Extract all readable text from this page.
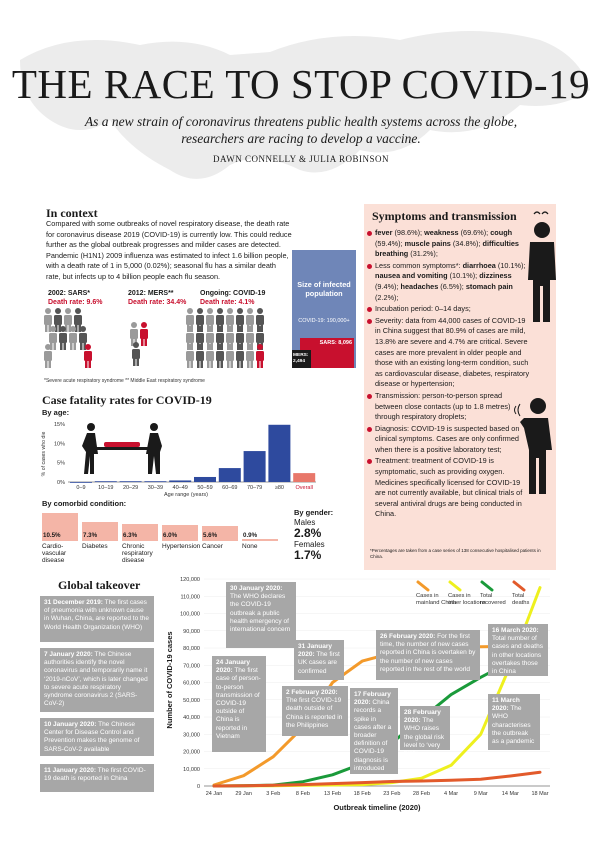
THE RACE TO STOP COVID-19
As a new strain of coronavirus threatens public health systems across the globe, researchers are racing to develop a vaccine.
DAWN CONNELLY & JULIA ROBINSON
In context
Compared with some outbreaks of novel respiratory disease, the death rate for coronavirus disease 2019 (COVID-19) is currently low. This could reduce further as the global outbreak progresses and milder cases are detected. Pandemic (H1N1) 2009 influenza was estimated to infect 1.6 billion people, with a death rate of 1 in 5,000 (0.02%); seasonal flu has a similar death rate, but infects up to 4 billion people each flu season.
2002: SARS*
Death rate: 9.6%
2012: MERS**
Death rate: 34.4%
Ongoing: COVID-19
Death rate: 4.1%
Size of infected population
COVID-19: 190,000+
SARS: 8,096
MERS: 2,494
*Severe acute respiratory syndrome ** Middle East respiratory syndrome
Symptoms and transmission
fever (98.6%); weakness (69.6%); cough (59.4%); muscle pains (34.8%); difficulties breathing (31.2%);
Less common symptoms*: diarrhoea (10.1%); nausea and vomiting (10.1%); dizziness (9.4%); headaches (6.5%); stomach pain (2.2%);
Incubation period: 0–14 days;
Severity: data from 44,000 cases of COVID-19 in China suggest that 80.9% of cases are mild, 13.8% are severe and 4.7% are critical. Severe cases are more prevalent in older people and those with an existing long-term condition, such as cardiovascular disease, diabetes, respiratory disease or hypertension;
Transmission: person-to-person spread between close contacts (up to 1.8 metres) through respiratory droplets;
Diagnosis: COVID-19 is suspected based on clinical symptoms. Cases are only confirmed when there is a positive laboratory test;
Treatment: treatment of COVID-19 is symptomatic, such as providing oxygen. Medicines specifically licensed for COVID-19 are not currently available, but clinical trials of several antiviral drugs are being conducted in China.
*Percentages are taken from a case series of 138 consecutive hospitalised patients in China.
Case fatality rates for COVID-19
By age:
0%
5%
10%
15%
% of cases who die
0–9 10–19 20–29 30–39 40–49 50–59 60–69 70–79 ≥80 Overall
Age range (years)
By comorbid condition:
10.5%
Cardio- vascular disease
7.3%
Diabetes
6.3%
Chronic respiratory disease
6.0%
Hypertension
5.6%
Cancer
0.9%
None
By gender:
Males
2.8%
Females
1.7%
Global takeover
31 December 2019: The first cases of pneumonia with unknown cause in Wuhan, China, are reported to the World Health Organization (WHO)
7 January 2020: The Chinese authorities identify the novel coronavirus and temporarily name it ‘2019-nCoV’, which is later changed to severe acute respiratory syndrome coronavirus 2 (SARS-CoV-2)
10 January 2020: The Chinese Center for Disease Control and Prevention makes the genome of SARS-CoV-2 available
11 January 2020: The first COVID-19 death is reported in China
0
10,000
20,000
30,000
40,000
50,000
60,000
70,000
80,000
90,000
100,000
110,000
120,000
Number of COVID-19 cases
24 Jan 29 Jan	3 Feb	8 Feb	13 Feb 18 Feb 23 Feb 28 Feb	4 Mar	9 Mar	14 Mar 18 Mar
Outbreak timeline (2020)
Cases in
mainland China
Cases in
other locations
Total
recovered
Total
deaths
30 January 2020: The WHO declares the COVID-19 outbreak a public health emergency of international concern
24 January 2020: The first case of person-to-person transmission of COVID-19 outside of China is reported in Vietnam
31 January 2020: The first UK cases are confirmed
2 February 2020: The first COVID-19 death outside of China is reported in the Philippines
17 February 2020: China records a spike in cases after a broader definition of COVID-19 diagnosis is introduced
26 February 2020: For the first time, the number of new cases reported in China is overtaken by the number of new cases reported in the rest of the world
28 February 2020: The WHO raises the global risk level to ‘very high’
11 March 2020: The WHO characterises the outbreak as a pandemic
16 March 2020: Total number of cases and deaths in other locations overtakes those in China
